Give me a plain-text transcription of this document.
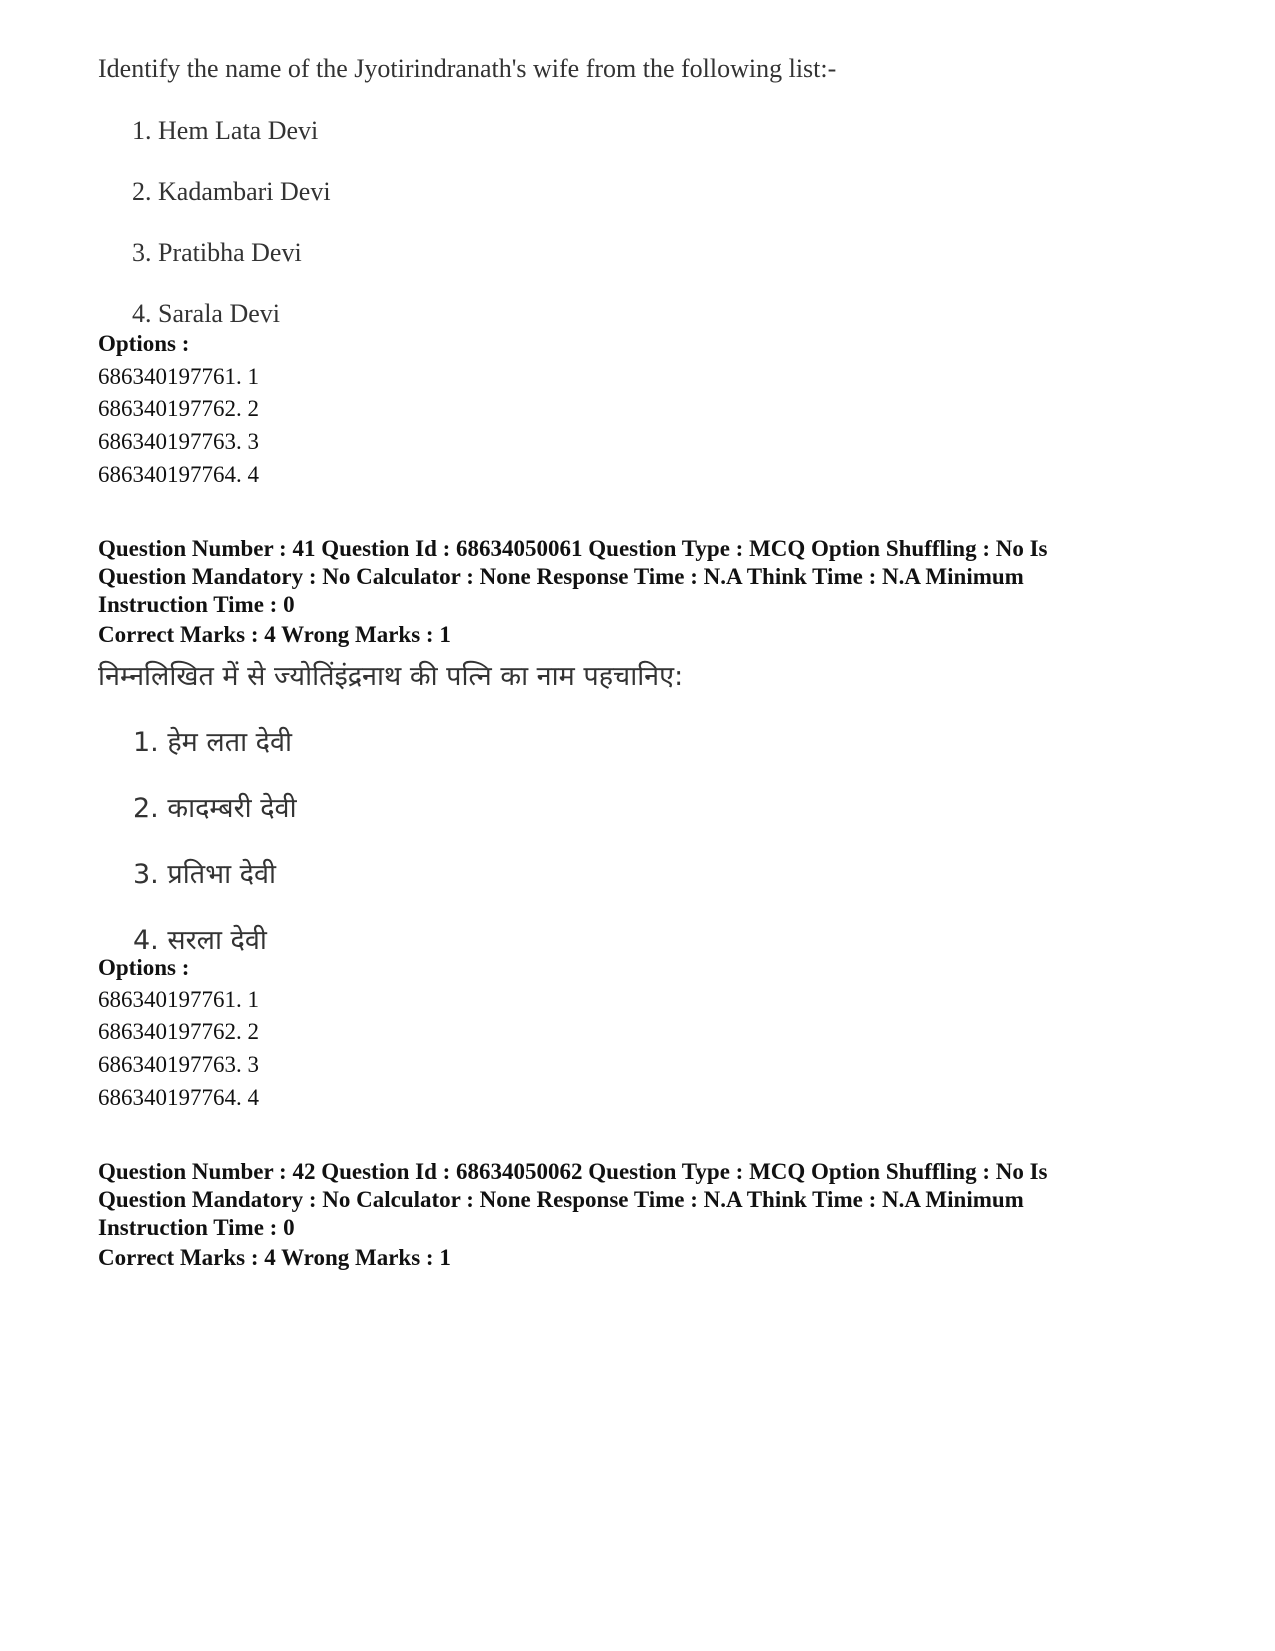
Identify the name of the Jyotirindranath's wife from the following list:-
1. Hem Lata Devi
2. Kadambari Devi
3. Pratibha Devi
4. Sarala Devi
Options :
686340197761. 1
686340197762. 2
686340197763. 3
686340197764. 4
Question Number : 41 Question Id : 68634050061 Question Type : MCQ Option Shuffling : No Is
Question Mandatory : No Calculator : None Response Time : N.A Think Time : N.A Minimum
Instruction Time : 0
Correct Marks : 4 Wrong Marks : 1
निम्नलिखित में से ज्योतिंइंद्रनाथ की पत्नि का नाम पहचानिए:
1. हेम लता देवी
2. कादम्बरी देवी
3. प्रतिभा देवी
4. सरला देवी
Options :
686340197761. 1
686340197762. 2
686340197763. 3
686340197764. 4
Question Number : 42 Question Id : 68634050062 Question Type : MCQ Option Shuffling : No Is
Question Mandatory : No Calculator : None Response Time : N.A Think Time : N.A Minimum
Instruction Time : 0
Correct Marks : 4 Wrong Marks : 1
